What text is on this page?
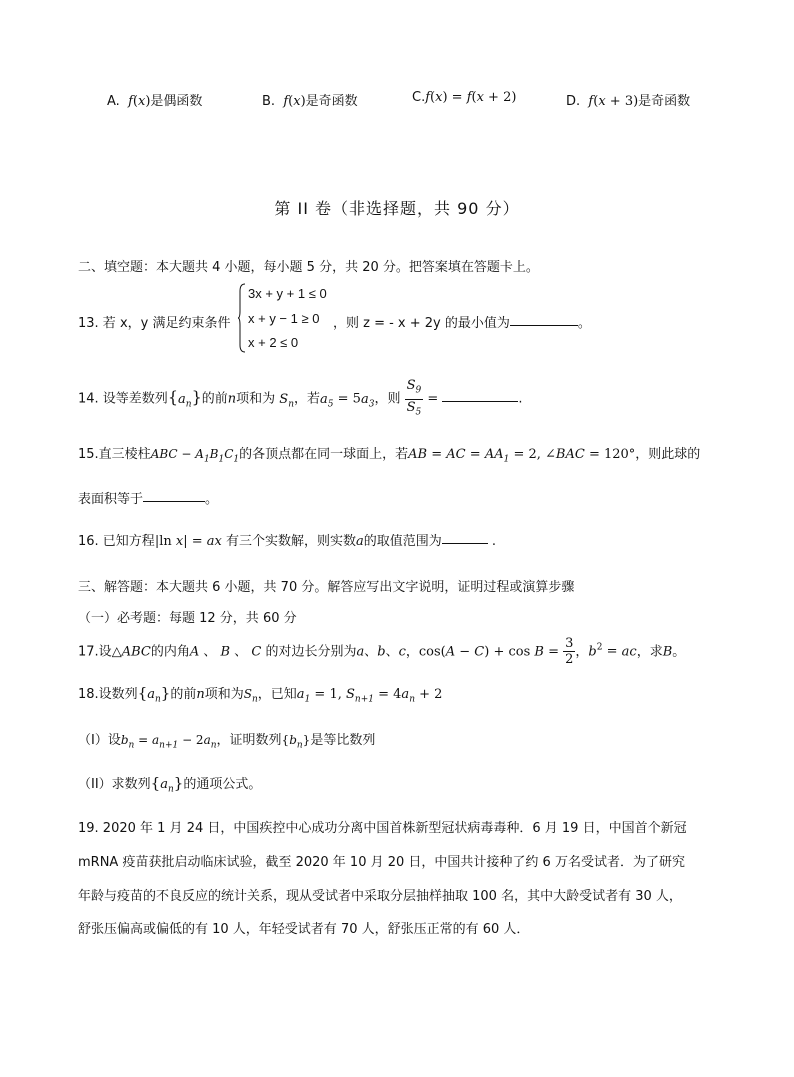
A.  f(x)是偶函数	B.  f(x)是奇函数	C.f(x) = f(x + 2)	D.  f(x + 3)是奇函数
第 II 卷（非选择题，共 90 分）
二、填空题：本大题共 4 小题，每小题 5 分，共 20 分。把答案填在答题卡上。
13. 若 x，y 满足约束条件
3x + y + 1 ≤ 0
x + y − 1 ≥ 0
x + 2 ≤ 0
，则 z = - x + 2y 的最小值为	。
14. 设等差数列$\{a_n\}$的前n项和为 $S_n$，若$a_5 = 5a_3$，则 $\frac{S_9}{S_5}$ =	.
15.直三棱柱ABC − $A_1B_1C_1$的各顶点都在同一球面上，若AB = AC = $AA_1 = 2$, ∠BAC = 120°，则此球的
表面积等于	。
16. 已知方程|ln x| = ax 有三个实数解，则实数a的取值范围为	.
三、解答题：本大题共 6 小题，共 70 分。解答应写出文字说明，证明过程或演算步骤
（一）必考题：每题 12 分，共 60 分
17.设△ABC的内角A 、 B 、 C 的对边长分别为a、b、c，$\cos(A - C) + \cos B = \frac{3}{2}$ ，$b^2$ = ac，求B。
18.设数列$\{a_n\}$的前n项和为$S_n$，已知$a_1 = 1$, $S_{n+1} = 4a_n + 2$
（I）设$b_n = a_{n+1} - 2a_n$，证明数列$\{b_n\}$是等比数列
（II）求数列$\{a_n\}$的通项公式。
19. 2020 年 1 月 24 日，中国疾控中心成功分离中国首株新型冠状病毒毒种．6 月 19 日，中国首个新冠
mRNA 疫苗获批启动临床试验，截至 2020 年 10 月 20 日，中国共计接种了约 6 万名受试者．为了研究
年龄与疫苗的不良反应的统计关系，现从受试者中采取分层抽样抽取 100 名，其中大龄受试者有 30 人，
舒张压偏高或偏低的有 10 人，年轻受试者有 70 人，舒张压正常的有 60 人．
